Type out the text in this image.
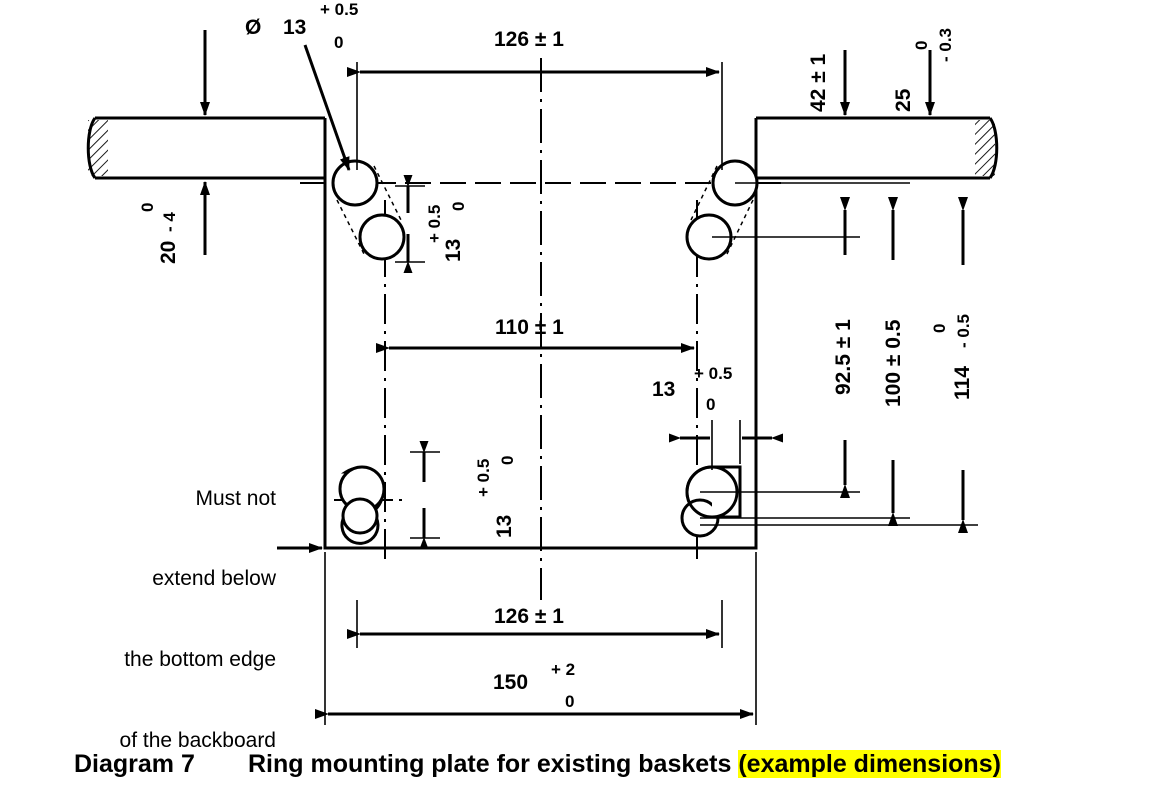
Ø 13
+ 0.5
0	126 ± 1
42 ± 1	25
0 - 0.3
20
0
- 4
13
+ 0.5 0
110 ± 1
13
+ 0.5
0
92.5 ± 1 100 ± 0.5 114
0 - 0.5
13
+ 0.5 0

Must not

extend below

the bottom edge

of the backboard

126 ± 1
150
+ 2
0
Diagram 7 Ring mounting plate for existing baskets (example dimensions)
